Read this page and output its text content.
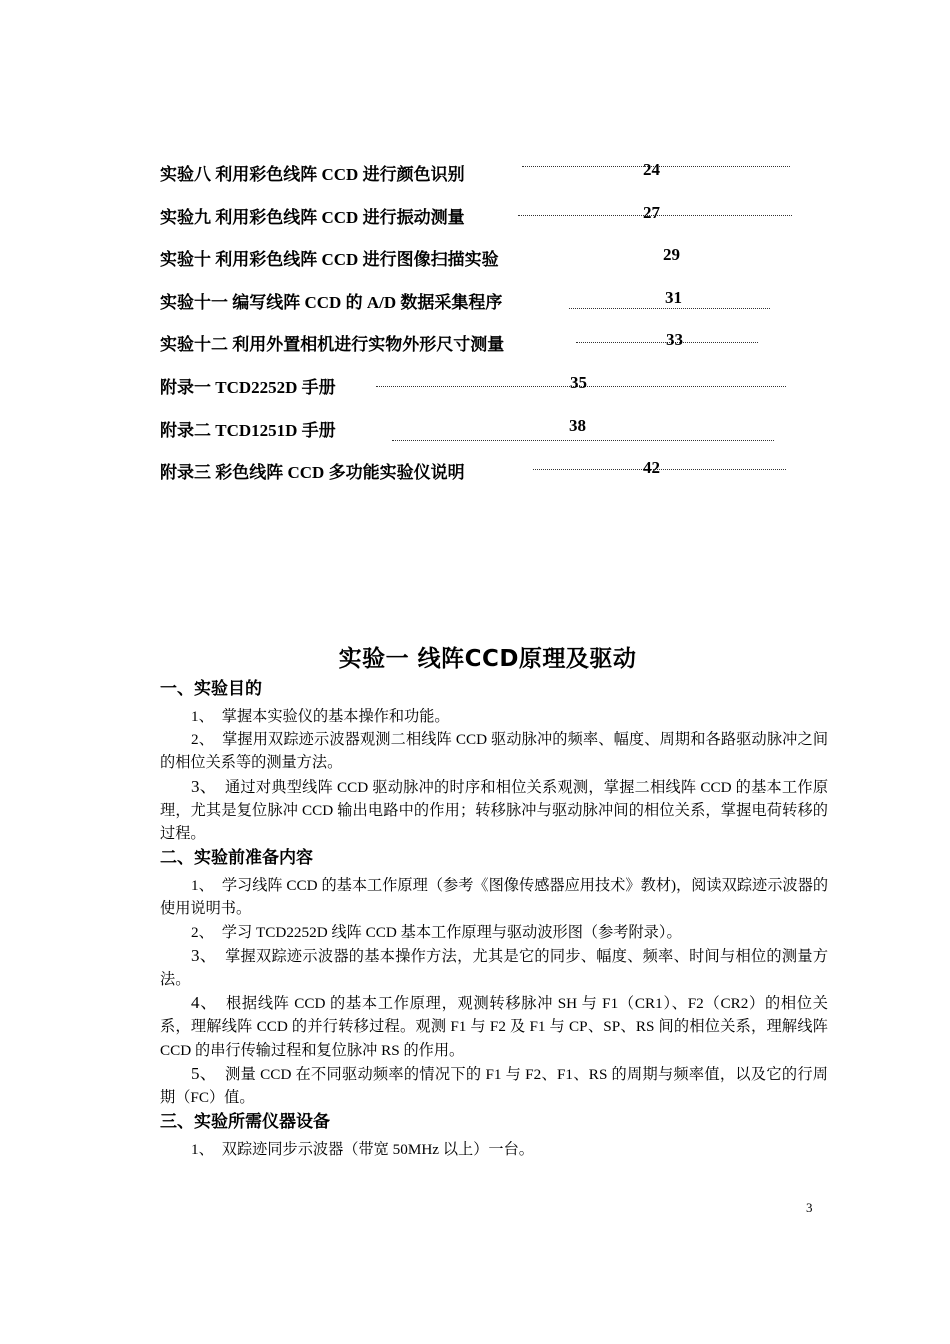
实验八 利用彩色线阵 CCD 进行颜色识别	24
实验九 利用彩色线阵 CCD 进行振动测量	27
实验十 利用彩色线阵 CCD 进行图像扫描实验	29
实验十一 编写线阵 CCD 的 A/D 数据采集程序	31
实验十二 利用外置相机进行实物外形尺寸测量	33
附录一 TCD2252D 手册	35
附录二 TCD1251D 手册	38
附录三 彩色线阵 CCD 多功能实验仪说明	42
实验一 线阵CCD原理及驱动
一、实验目的

1、 掌握本实验仪的基本操作和功能。

2、 掌握用双踪迹示波器观测二相线阵 CCD 驱动脉冲的频率、幅度、周期和各路驱动脉冲之间的相位关系等的测量方法。

3、 通过对典型线阵 CCD 驱动脉冲的时序和相位关系观测，掌握二相线阵 CCD 的基本工作原理，尤其是复位脉冲 CCD 输出电路中的作用；转移脉冲与驱动脉冲间的相位关系，掌握电荷转移的过程。

二、实验前准备内容

1、 学习线阵 CCD 的基本工作原理（参考《图像传感器应用技术》教材)，阅读双踪迹示波器的使用说明书。

2、 学习 TCD2252D 线阵 CCD 基本工作原理与驱动波形图（参考附录）。

3、 掌握双踪迹示波器的基本操作方法，尤其是它的同步、幅度、频率、时间与相位的测量方法。

4、 根据线阵 CCD 的基本工作原理，观测转移脉冲 SH 与 F1（CR1）、F2（CR2）的相位关系，理解线阵 CCD 的并行转移过程。观测 F1 与 F2 及 F1 与 CP、SP、RS 间的相位关系，理解线阵 CCD 的串行传输过程和复位脉冲 RS 的作用。

5、 测量 CCD 在不同驱动频率的情况下的 F1 与 F2、F1、RS 的周期与频率值，以及它的行周期（FC）值。

三、实验所需仪器设备

1、 双踪迹同步示波器（带宽 50MHz 以上）一台。

3
